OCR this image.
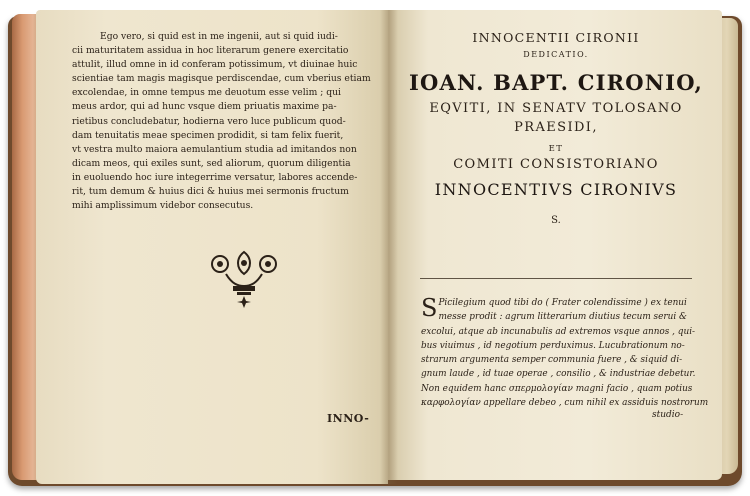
Ego vero, si quid est in me ingenii, aut si quid iudi-
cii maturitatem assidua in hoc literarum genere exercitatio
attulit, illud omne in id conferam potissimum, vt diuinae huic
scientiae tam magis magisque perdiscendae, cum vberius etiam
excolendae, in omne tempus me deuotum esse velim ; qui
meus ardor, qui ad hunc vsque diem priuatis maxime pa-
rietibus concludebatur, hodierna vero luce publicum quod-
dam tenuitatis meae specimen prodidit, si tam felix fuerit,
vt vestra multo maiora aemulantium studia ad imitandos non
dicam meos, qui exiles sunt, sed aliorum, quorum diligentia
in euoluendo hoc iure integerrime versatur, labores accende-
rit, tum demum & huius dici & huius mei sermonis fructum
mihi amplissimum videbor consecutus.
INNO-
INNOCENTII CIRONII
DEDICATIO.
IOAN. BAPT. CIRONIO,
EQVITI, IN SENATV TOLOSANO
PRAESIDI,
ET
COMITI CONSISTORIANO
INNOCENTIVS CIRONIVS
S.
S Picilegium quod tibi do ( Frater colendissime ) ex tenui
messe prodit : agrum litterarium diutius tecum serui &
excolui, atque ab incunabulis ad extremos vsque annos , qui-
bus viuimus , id negotium perduximus. Lucubrationum no-
strarum argumenta semper communia fuere , & siquid di-
gnum laude , id tuae operae , consilio , & industriae debetur.
Non equidem hanc σπερμολογίαν magni facio , quam potius
καρφολογίαν appellare debeo , cum nihil ex assiduis nostrorum
studio-
